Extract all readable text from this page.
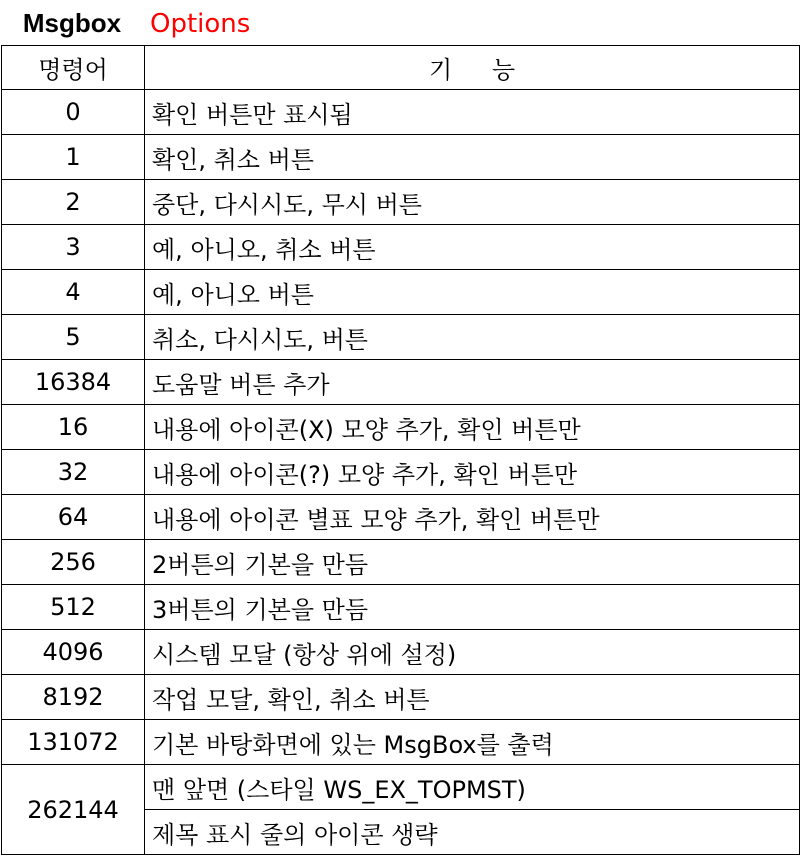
Msgbox	Options
명령어	기 능
0	확인 버튼만 표시됨
1	확인, 취소 버튼
2	중단, 다시시도, 무시 버튼
3	예, 아니오, 취소 버튼
4	예, 아니오 버튼
5	취소, 다시시도, 버튼
16384	도움말 버튼 추가
16	내용에 아이콘(X) 모양 추가, 확인 버튼만
32	내용에 아이콘(?) 모양 추가, 확인 버튼만
64	내용에 아이콘 별표 모양 추가, 확인 버튼만
256	2버튼의 기본을 만듬
512	3버튼의 기본을 만듬
4096	시스템 모달 (항상 위에 설정)
8192	작업 모달, 확인, 취소 버튼
131072	기본 바탕화면에 있는 MsgBox를 출력
262144	맨 앞면 (스타일 WS_EX_TOPMST)
	제목 표시 줄의 아이콘 생략
